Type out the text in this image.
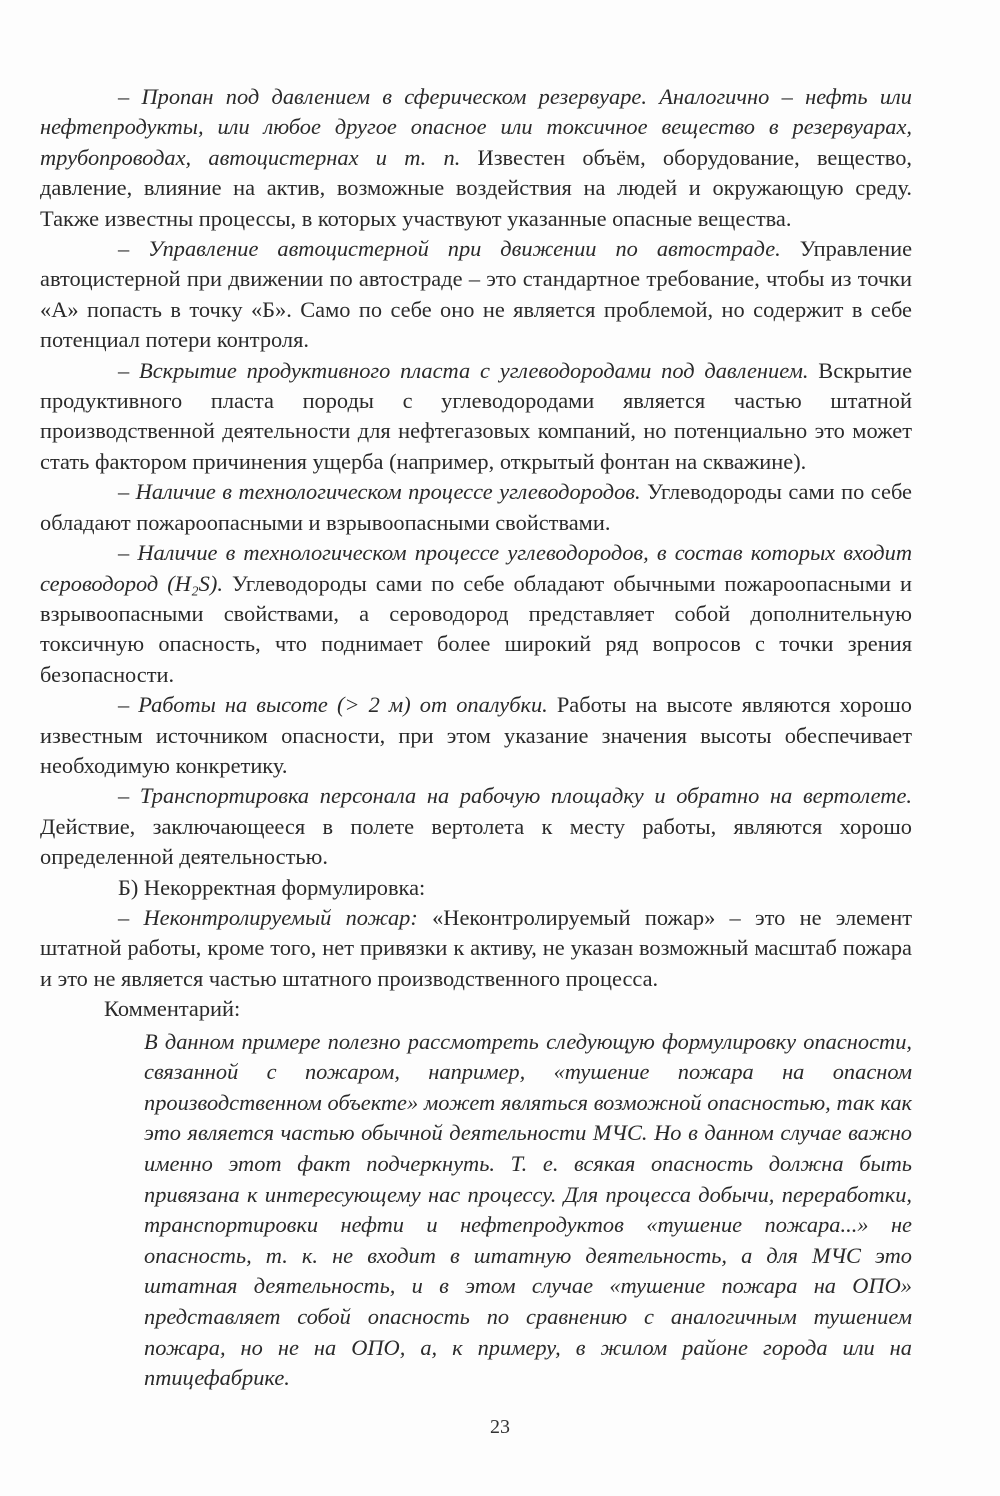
– Пропан под давлением в сферическом резервуаре. Аналогично – нефть или нефтепродукты, или любое другое опасное или токсичное вещество в резервуарах, трубопроводах, автоцистернах и т. п. Известен объём, оборудование, вещество, давление, влияние на актив, возможные воздействия на людей и окружающую среду. Также известны процессы, в которых участвуют указанные опасные вещества.

– Управление автоцистерной при движении по автостраде. Управление автоцистерной при движении по автостраде – это стандартное требование, чтобы из точки «А» попасть в точку «Б». Само по себе оно не является проблемой, но содержит в себе потенциал потери контроля.

– Вскрытие продуктивного пласта с углеводородами под давлением. Вскрытие продуктивного пласта породы с углеводородами является частью штатной производственной деятельности для нефтегазовых компаний, но потенциально это может стать фактором причинения ущерба (например, открытый фонтан на скважине).

– Наличие в технологическом процессе углеводородов. Углеводороды сами по себе обладают пожароопасными и взрывоопасными свойствами.

– Наличие в технологическом процессе углеводородов, в состав которых входит сероводород (H₂S). Углеводороды сами по себе обладают обычными пожароопасными и взрывоопасными свойствами, а сероводород представляет собой дополнительную токсичную опасность, что поднимает более широкий ряд вопросов с точки зрения безопасности.

– Работы на высоте (> 2 м) от опалубки. Работы на высоте являются хорошо известным источником опасности, при этом указание значения высоты обеспечивает необходимую конкретику.

– Транспортировка персонала на рабочую площадку и обратно на вертолете. Действие, заключающееся в полете вертолета к месту работы, являются хорошо определенной деятельностью.

Б) Некорректная формулировка:

– Неконтролируемый пожар: «Неконтролируемый пожар» – это не элемент штатной работы, кроме того, нет привязки к активу, не указан возможный масштаб пожара и это не является частью штатного производственного процесса.

Комментарий:

В данном примере полезно рассмотреть следующую формулировку опасности, связанной с пожаром, например, «тушение пожара на опасном производственном объекте» может являться возможной опасностью, так как это является частью обычной деятельности МЧС. Но в данном случае важно именно этот факт подчеркнуть. Т. е. всякая опасность должна быть привязана к интересующему нас процессу. Для процесса добычи, переработки, транспортировки нефти и нефтепродуктов «тушение пожара...» не опасность, т. к. не входит в штатную деятельность, а для МЧС это штатная деятельность, и в этом случае «тушение пожара на ОПО» представляет собой опасность по сравнению с аналогичным тушением пожара, но не на ОПО, а, к примеру, в жилом районе города или на птицефабрике.

23
